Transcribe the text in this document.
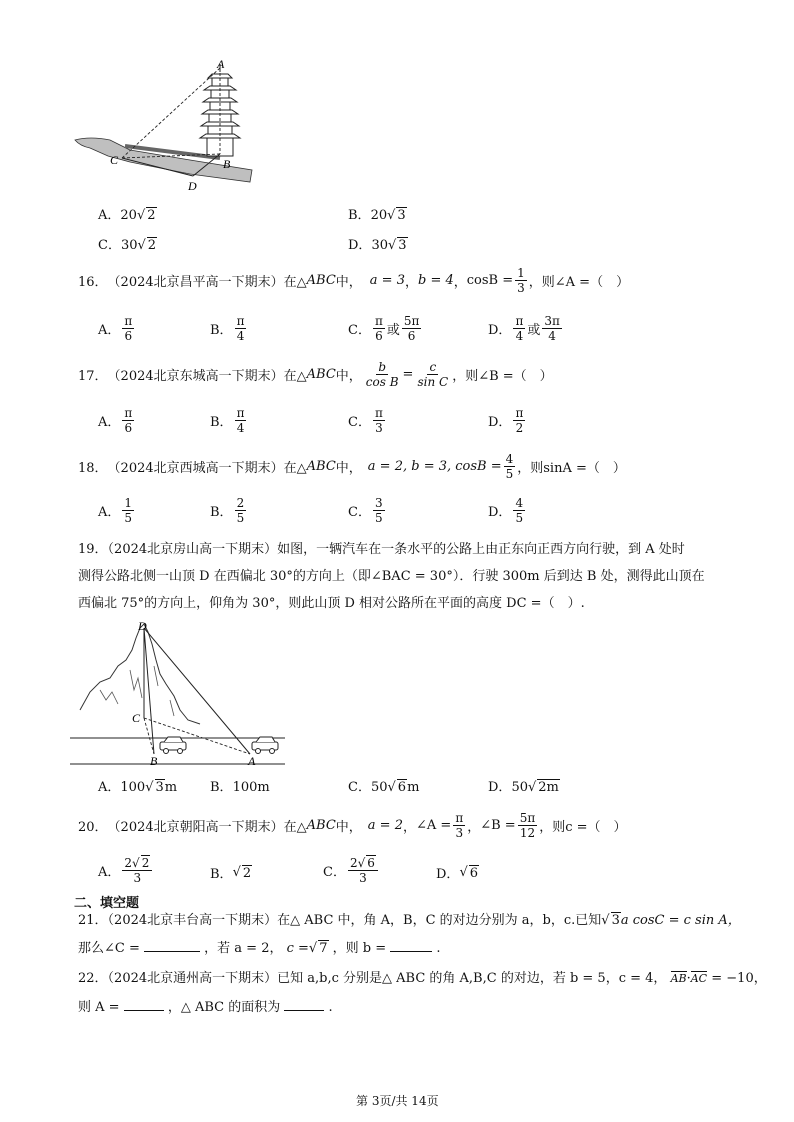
A
B
C
D
A．20√ 2	B．20√ 3
C．30√ 2	D．30√ 3
16． （2024北京昌平高一下期末） 在△ ABC 中， a = 3 ， b = 4 ， $\cos B = \frac{1}{3}$ ，则∠A =（　）
A． $\frac{\pi}{6}$	B． $\frac{\pi}{4}$	C． $\frac{\pi}{6}$ 或 $\frac{5\pi}{6}$	D． $\frac{\pi}{4}$ 或 $\frac{3\pi}{4}$
17． （2024北京东城高一下期末） 在△ ABC 中， $\frac{b}{\text{cos B}} = \frac{c}{\text{sin C}}$ ，则∠B =（　）
A． $\frac{\pi}{6}$	B． $\frac{\pi}{4}$	C． $\frac{\pi}{3}$	D． $\frac{\pi}{2}$
18． （2024北京西城高一下期末） 在△ ABC 中， a = 2, b = 3, $\cos B = \frac{4}{5}$ ，则sinA =（　）
A． $\frac{1}{5}$	B． $\frac{2}{5}$	C． $\frac{3}{5}$	D． $\frac{4}{5}$
19．（2024北京房山高一下期末）如图，一辆汽车在一条水平的公路上由正东向正西方向行驶，到 A 处时
测得公路北侧一山顶 D 在西偏北 30°的方向上（即∠BAC = 30°）．行驶 300m 后到达 B 处，测得此山顶在
西偏北 75°的方向上，仰角为 30°，则此山顶 D 相对公路所在平面的高度 DC =（　）.
D
C
B	A
A．100√ 3m	B．100m	C．50√ 6m	D．50√ 2m
20． （2024北京朝阳高一下期末） 在△ ABC 中， a = 2 ， ∠A = $\frac{\pi}{3}$ ， ∠B = $\frac{5\pi}{12}$ ，则c =（　）
A． $\frac{2√ 2}{3}$	B． √ 2	C． $\frac{2√ 6}{3}$	D． √ 6
二、填空题
21．（2024北京丰台高一下期末）在△ ABC 中，角 A，B，C 的对边分别为 a，b，c.已知√ 3a cosC = c sin A，
那么∠C =	，若 a = 2， c =√ 7 ，则 b =	.
22．（2024北京通州高一下期末）已知 a,b,c 分别是△ ABC 的角 A,B,C 的对边，若 b = 5，c = 4， AB·AC = −10，
则 A =	，△ ABC 的面积为	.
第 3页/共 14页
